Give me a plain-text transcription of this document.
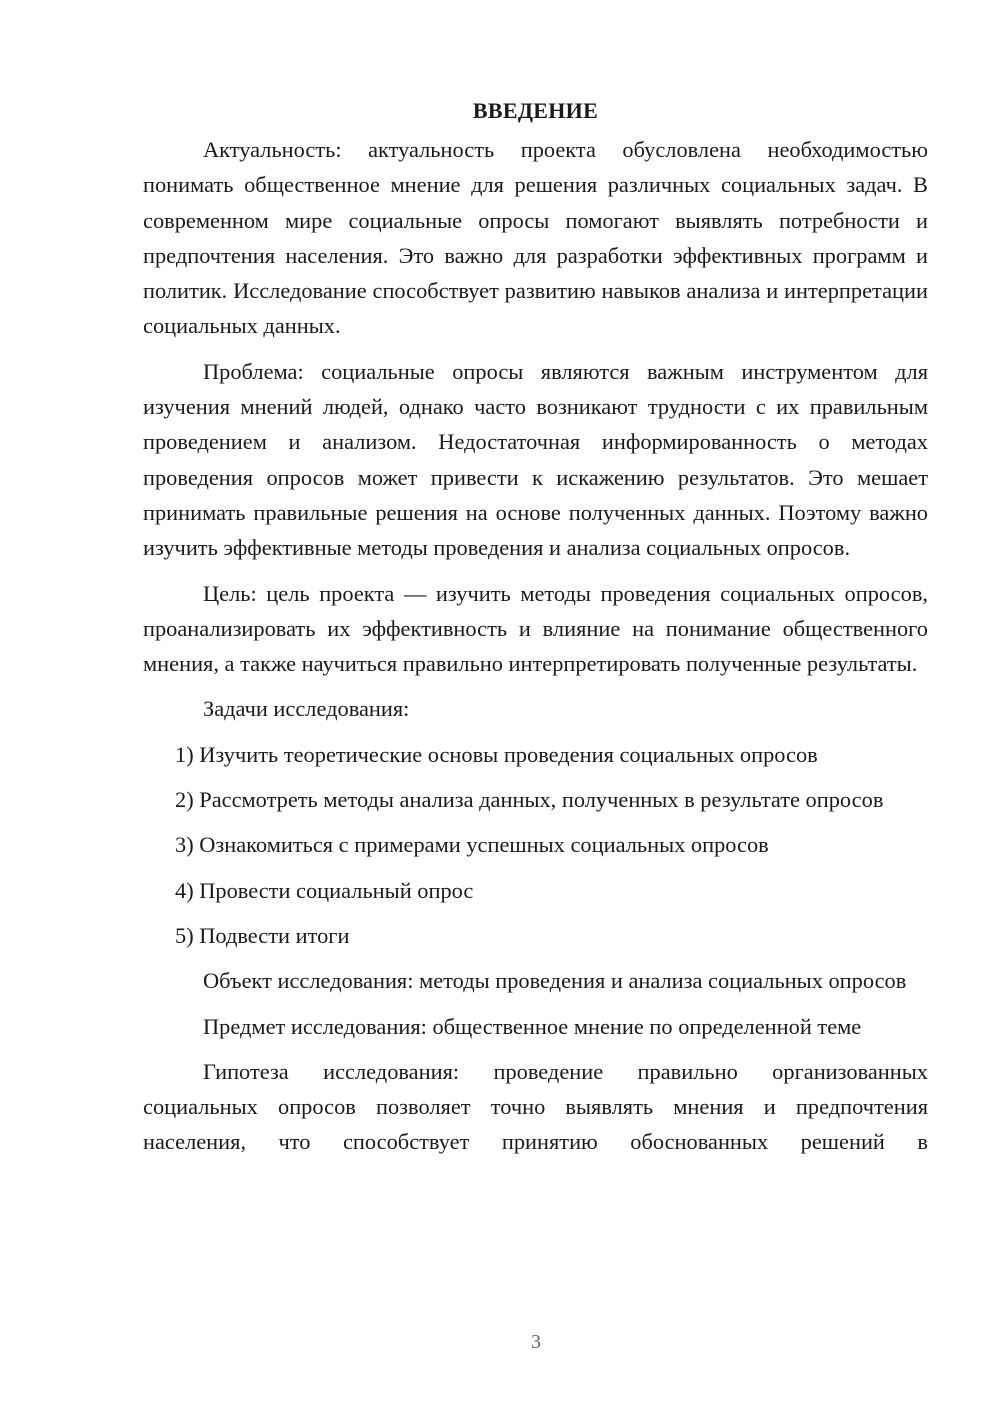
ВВЕДЕНИЕ

Актуальность: актуальность проекта обусловлена необходимостью понимать общественное мнение для решения различных социальных задач. В современном мире социальные опросы помогают выявлять потребности и предпочтения населения. Это важно для разработки эффективных программ и политик. Исследование способствует развитию навыков анализа и интерпретации социальных данных.

Проблема: социальные опросы являются важным инструментом для изучения мнений людей, однако часто возникают трудности с их правильным проведением и анализом. Недостаточная информированность о методах проведения опросов может привести к искажению результатов. Это мешает принимать правильные решения на основе полученных данных. Поэтому важно изучить эффективные методы проведения и анализа социальных опросов.

Цель: цель проекта — изучить методы проведения социальных опросов, проанализировать их эффективность и влияние на понимание общественного мнения, а также научиться правильно интерпретировать полученные результаты.

Задачи исследования:

1) Изучить теоретические основы проведения социальных опросов

2) Рассмотреть методы анализа данных, полученных в результате опросов

3) Ознакомиться с примерами успешных социальных опросов

4) Провести социальный опрос

5) Подвести итоги

Объект исследования: методы проведения и анализа социальных опросов

Предмет исследования: общественное мнение по определенной теме

Гипотеза исследования: проведение правильно организованных социальных опросов позволяет точно выявлять мнения и предпочтения населения, что способствует принятию обоснованных решений в

3
